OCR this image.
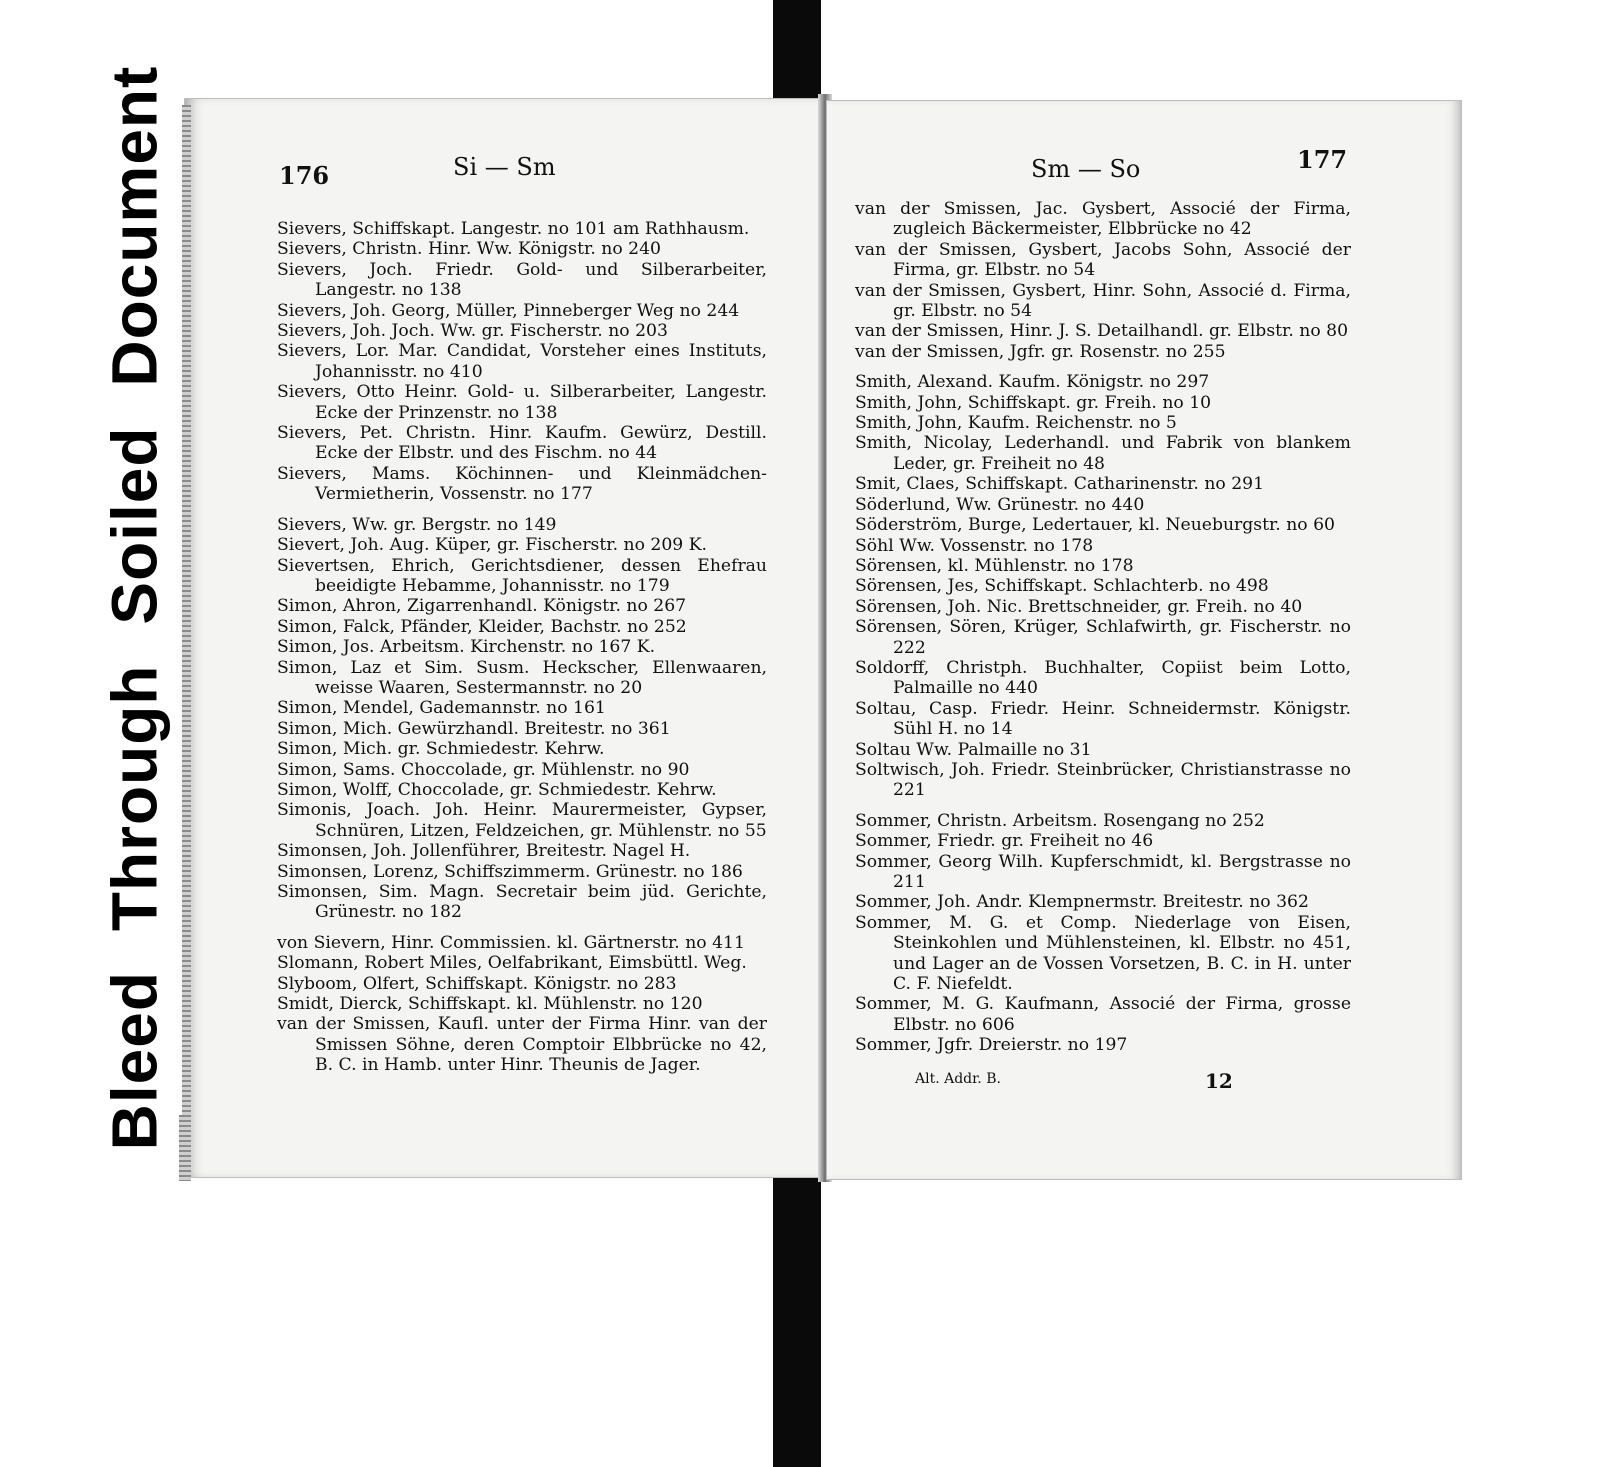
Bleed
Through
Soiled
Document	176	Si — Sm
Sievers, Schiffskapt. Langestr. no 101 am Rathhausm.
Sievers, Christn. Hinr. Ww. Königstr. no 240
Sievers, Joch. Friedr. Gold- und Silberarbeiter, Langestr. no 138
Sievers, Joh. Georg, Müller, Pinneberger Weg no 244
Sievers, Joh. Joch. Ww. gr. Fischerstr. no 203
Sievers, Lor. Mar. Candidat, Vorsteher eines Instituts, Johannisstr. no 410
Sievers, Otto Heinr. Gold- u. Silberarbeiter, Langestr. Ecke der Prinzenstr. no 138
Sievers, Pet. Christn. Hinr. Kaufm. Gewürz, Destill. Ecke der Elbstr. und des Fischm. no 44
Sievers, Mams. Köchinnen- und Kleinmädchen-Vermietherin, Vossenstr. no 177
Sievers, Ww. gr. Bergstr. no 149
Sievert, Joh. Aug. Küper, gr. Fischerstr. no 209 K.
Sievertsen, Ehrich, Gerichtsdiener, dessen Ehefrau beeidigte Hebamme, Johannisstr. no 179
Simon, Ahron, Zigarrenhandl. Königstr. no 267
Simon, Falck, Pfänder, Kleider, Bachstr. no 252
Simon, Jos. Arbeitsm. Kirchenstr. no 167 K.
Simon, Laz et Sim. Susm. Heckscher, Ellenwaaren, weisse Waaren, Sestermannstr. no 20
Simon, Mendel, Gademannstr. no 161
Simon, Mich. Gewürzhandl. Breitestr. no 361
Simon, Mich. gr. Schmiedestr. Kehrw.
Simon, Sams. Choccolade, gr. Mühlenstr. no 90
Simon, Wolff, Choccolade, gr. Schmiedestr. Kehrw.
Simonis, Joach. Joh. Heinr. Maurermeister, Gypser, Schnüren, Litzen, Feldzeichen, gr. Mühlenstr. no 55
Simonsen, Joh. Jollenführer, Breitestr. Nagel H.
Simonsen, Lorenz, Schiffszimmerm. Grünestr. no 186
Simonsen, Sim. Magn. Secretair beim jüd. Gerichte, Grünestr. no 182
von Sievern, Hinr. Commissien. kl. Gärtnerstr. no 411
Slomann, Robert Miles, Oelfabrikant, Eimsbüttl. Weg.
Slyboom, Olfert, Schiffskapt. Königstr. no 283
Smidt, Dierck, Schiffskapt. kl. Mühlenstr. no 120
van der Smissen, Kaufl. unter der Firma Hinr. van der Smissen Söhne, deren Comptoir Elbbrücke no 42, B. C. in Hamb. unter Hinr. Theunis de Jager.
Sm — So	177
van der Smissen, Jac. Gysbert, Associé der Firma, zugleich Bäckermeister, Elbbrücke no 42
van der Smissen, Gysbert, Jacobs Sohn, Associé der Firma, gr. Elbstr. no 54
van der Smissen, Gysbert, Hinr. Sohn, Associé d. Firma, gr. Elbstr. no 54
van der Smissen, Hinr. J. S. Detailhandl. gr. Elbstr. no 80
van der Smissen, Jgfr. gr. Rosenstr. no 255
Smith, Alexand. Kaufm. Königstr. no 297
Smith, John, Schiffskapt. gr. Freih. no 10
Smith, John, Kaufm. Reichenstr. no 5
Smith, Nicolay, Lederhandl. und Fabrik von blankem Leder, gr. Freiheit no 48
Smit, Claes, Schiffskapt. Catharinenstr. no 291
Söderlund, Ww. Grünestr. no 440
Söderström, Burge, Ledertauer, kl. Neueburgstr. no 60
Söhl Ww. Vossenstr. no 178
Sörensen, kl. Mühlenstr. no 178
Sörensen, Jes, Schiffskapt. Schlachterb. no 498
Sörensen, Joh. Nic. Brettschneider, gr. Freih. no 40
Sörensen, Sören, Krüger, Schlafwirth, gr. Fischerstr. no 222
Soldorff, Christph. Buchhalter, Copiist beim Lotto, Palmaille no 440
Soltau, Casp. Friedr. Heinr. Schneidermstr. Königstr. Sühl H. no 14
Soltau Ww. Palmaille no 31
Soltwisch, Joh. Friedr. Steinbrücker, Christianstrasse no 221
Sommer, Christn. Arbeitsm. Rosengang no 252
Sommer, Friedr. gr. Freiheit no 46
Sommer, Georg Wilh. Kupferschmidt, kl. Bergstrasse no 211
Sommer, Joh. Andr. Klempnermstr. Breitestr. no 362
Sommer, M. G. et Comp. Niederlage von Eisen, Steinkohlen und Mühlensteinen, kl. Elbstr. no 451, und Lager an de Vossen Vorsetzen, B. C. in H. unter C. F. Niefeldt.
Sommer, M. G. Kaufmann, Associé der Firma, grosse Elbstr. no 606
Sommer, Jgfr. Dreierstr. no 197
Alt. Addr. B.	12
